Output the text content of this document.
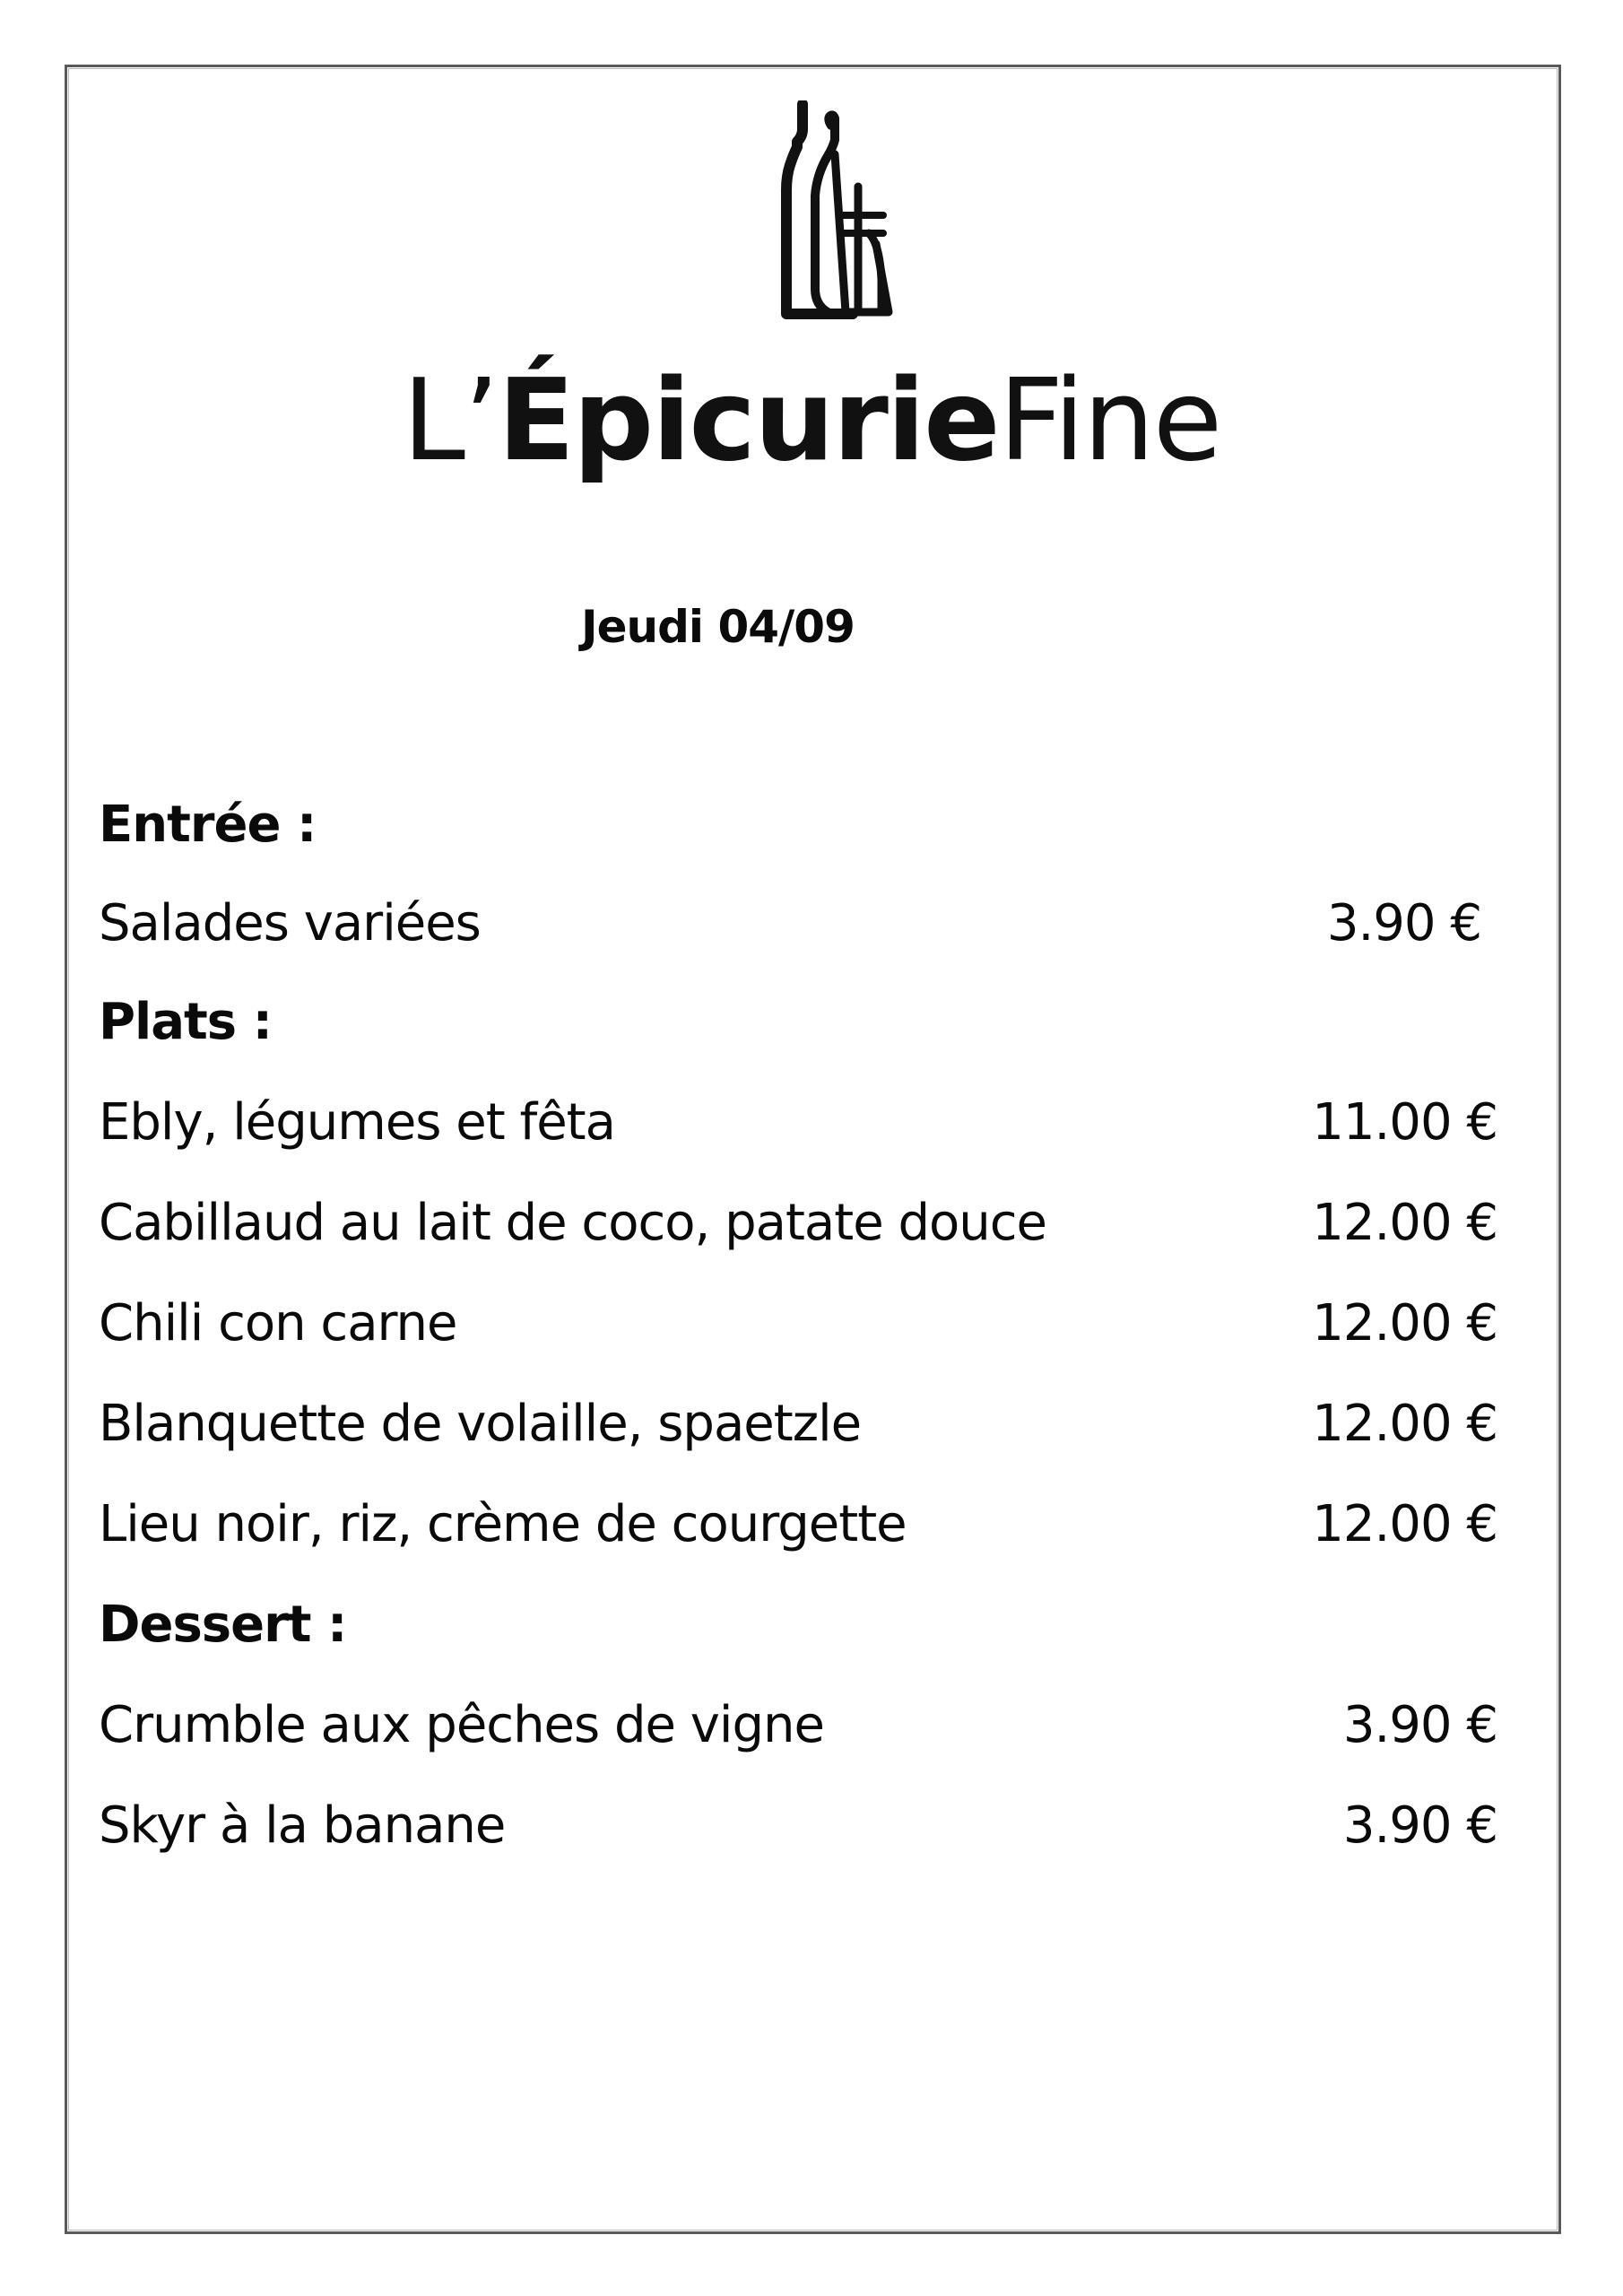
L’ÉpicurieFine
Jeudi 04/09
Entrée :
Salades variées	3.90 €
Plats :
Ebly, légumes et fêta	11.00 €
Cabillaud au lait de coco, patate douce	12.00 €
Chili con carne	12.00 €
Blanquette de volaille, spaetzle	12.00 €
Lieu noir, riz, crème de courgette	12.00 €
Dessert :
Crumble aux pêches de vigne	3.90 €
Skyr à la banane	3.90 €
